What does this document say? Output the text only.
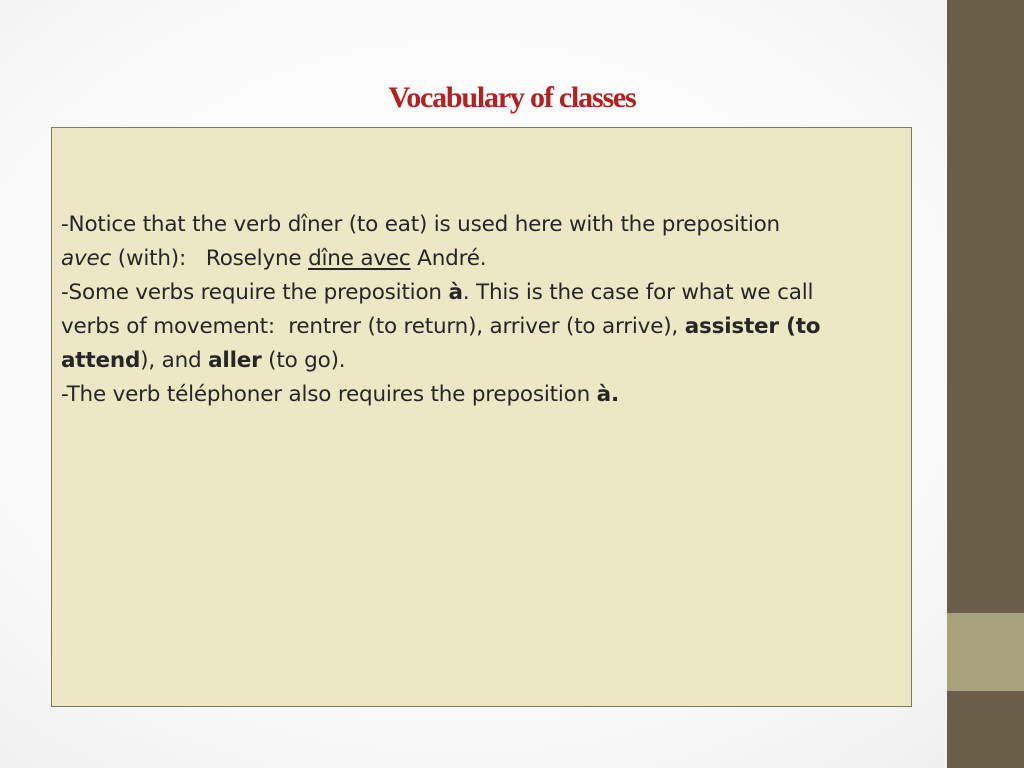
Vocabulary of classes
-Notice that the verb dîner (to eat) is used here with the preposition
avec (with):   Roselyne dîne avec André.
-Some verbs require the preposition à. This is the case for what we call
verbs of movement:  rentrer (to return), arriver (to arrive), assister (to
attend), and aller (to go).
-The verb téléphoner also requires the preposition à.
